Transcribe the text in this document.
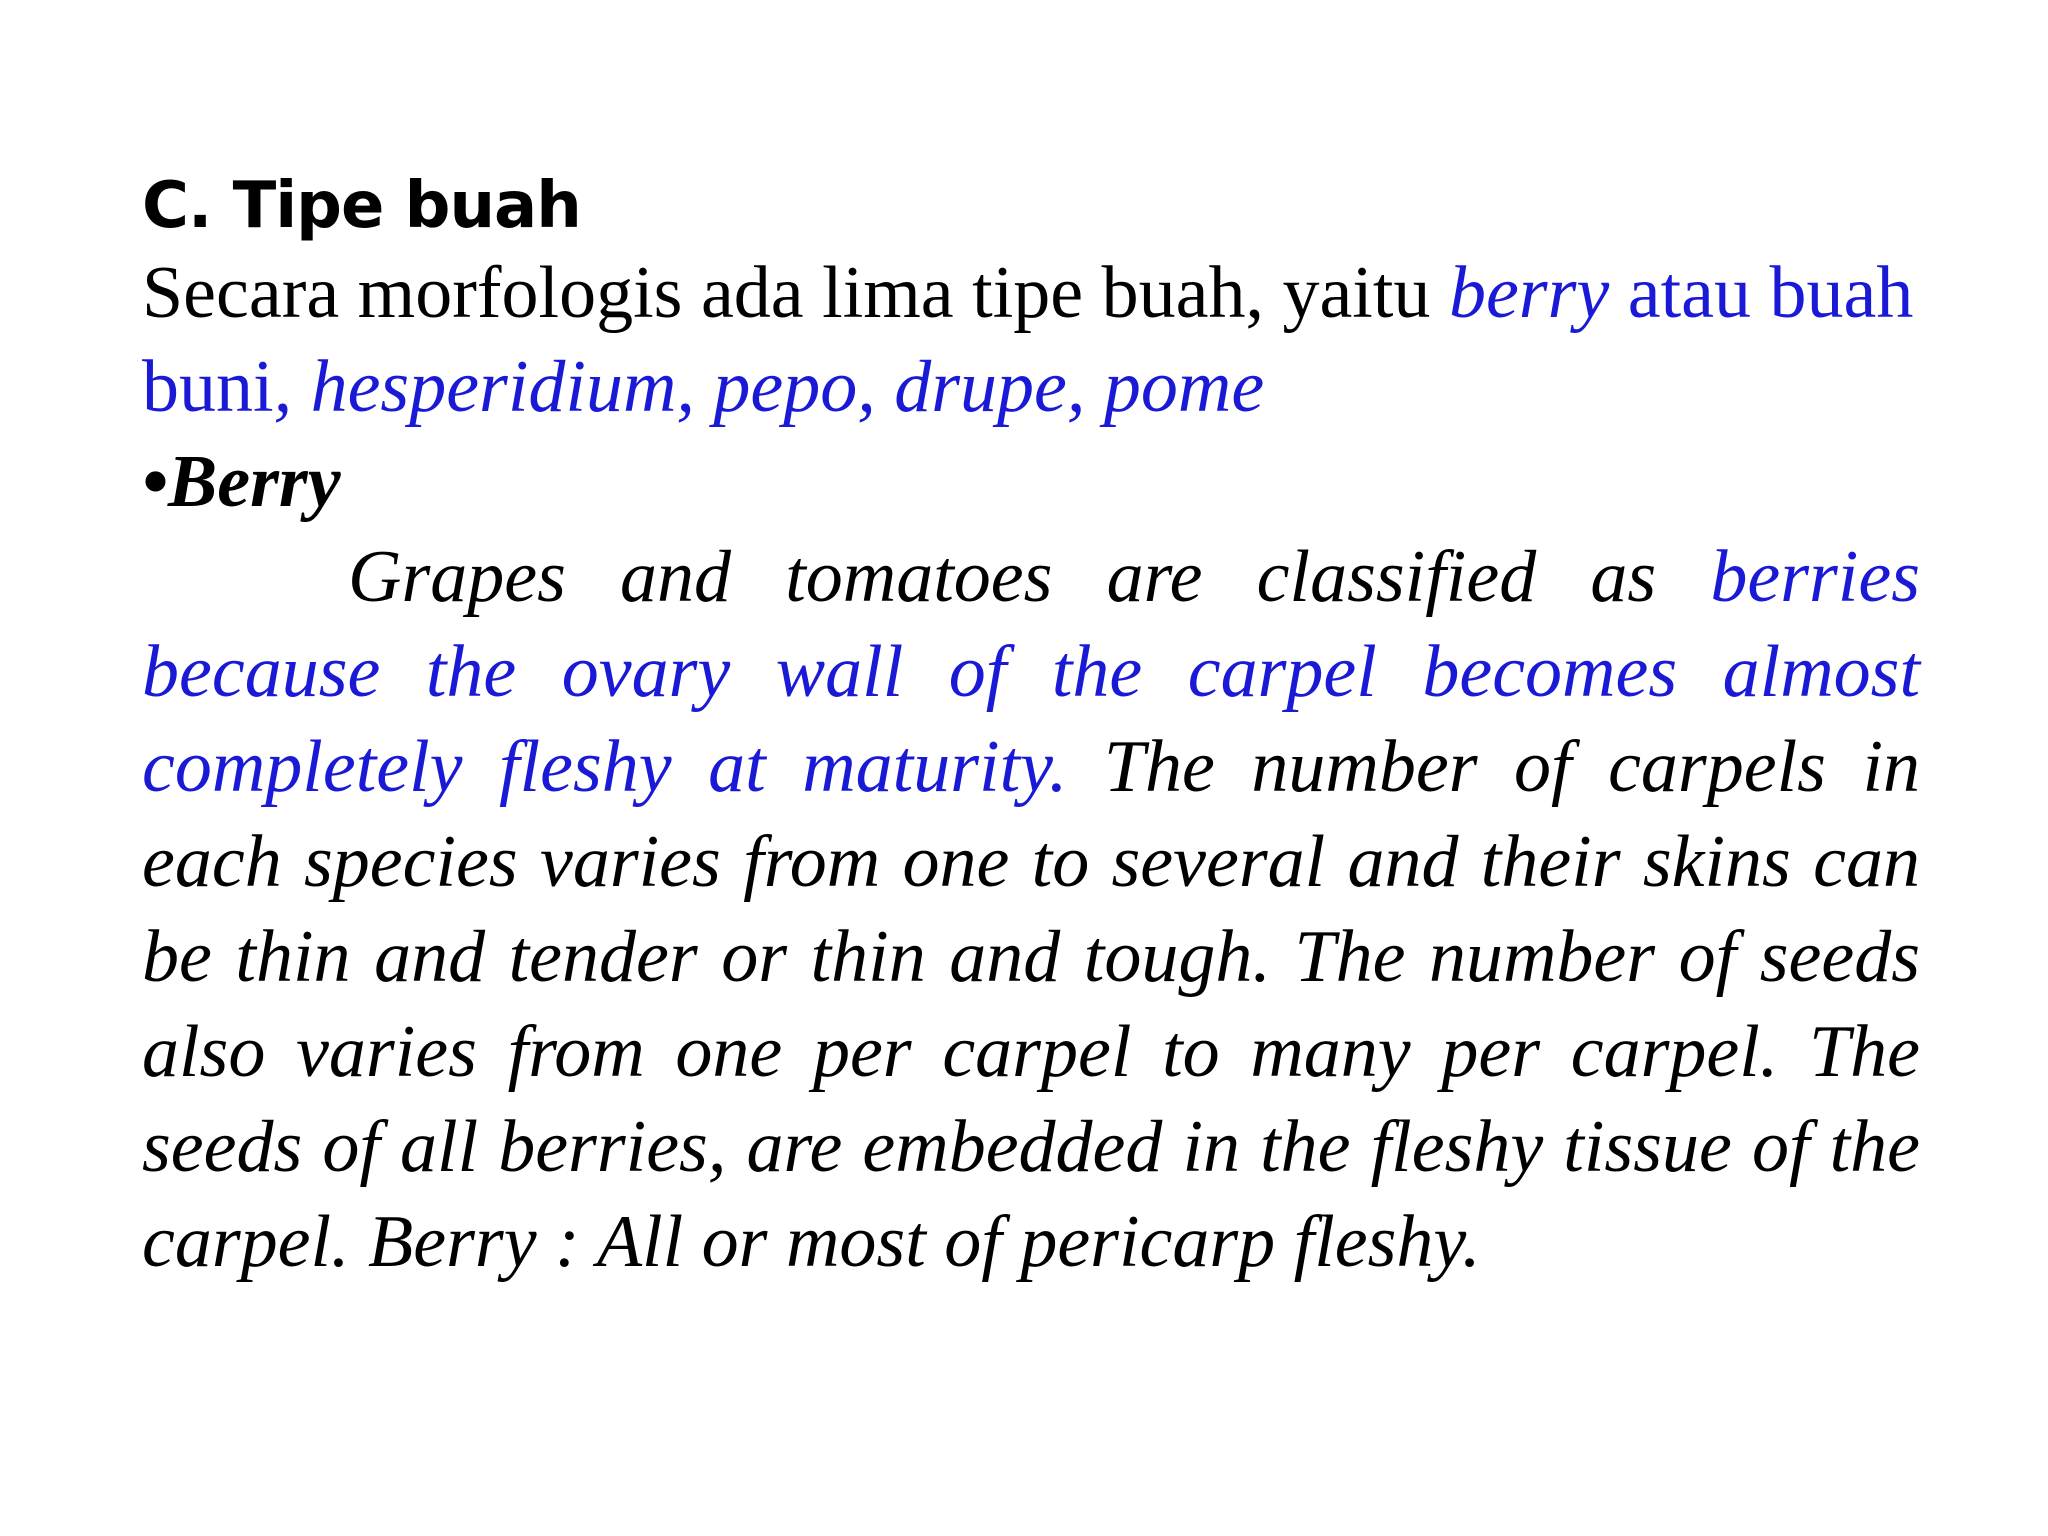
C. Tipe buah

Secara morfologis ada lima tipe buah, yaitu berry atau buah buni, hesperidium, pepo, drupe, pome

•Berry

Grapes and tomatoes are classified as berries because the ovary wall of the carpel becomes almost completely fleshy at maturity. The number of carpels in each species varies from one to several and their skins can be thin and tender or thin and tough. The number of seeds also varies from one per carpel to many per carpel. The seeds of all berries, are embedded in the fleshy tissue of the carpel. Berry : All or most of pericarp fleshy.
